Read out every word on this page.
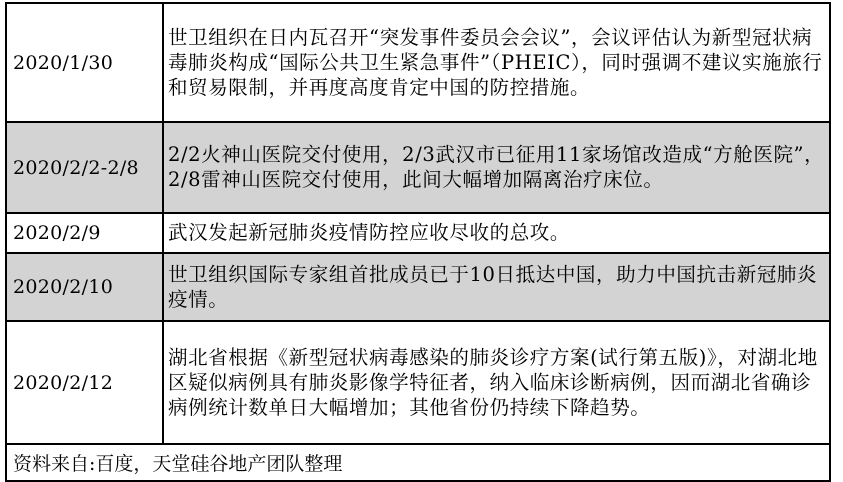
2020/1/30	世卫组织在日内瓦召开“突发事件委员会会议”，会议评估认为新型冠状病毒肺炎构成“国际公共卫生紧急事件”（PHEIC），同时强调不建议实施旅行和贸易限制，并再度高度肯定中国的防控措施。
2020/2/2-2/8	2/2火神山医院交付使用，2/3武汉市已征用11家场馆改造成“方舱医院”，2/8雷神山医院交付使用，此间大幅增加隔离治疗床位。
2020/2/9	武汉发起新冠肺炎疫情防控应收尽收的总攻。
2020/2/10	世卫组织国际专家组首批成员已于10日抵达中国，助力中国抗击新冠肺炎疫情。
2020/2/12	湖北省根据《新型冠状病毒感染的肺炎诊疗方案(试行第五版)》，对湖北地区疑似病例具有肺炎影像学特征者，纳入临床诊断病例，因而湖北省确诊病例统计数单日大幅增加；其他省份仍持续下降趋势。
资料来自:百度，天堂硅谷地产团队整理	
